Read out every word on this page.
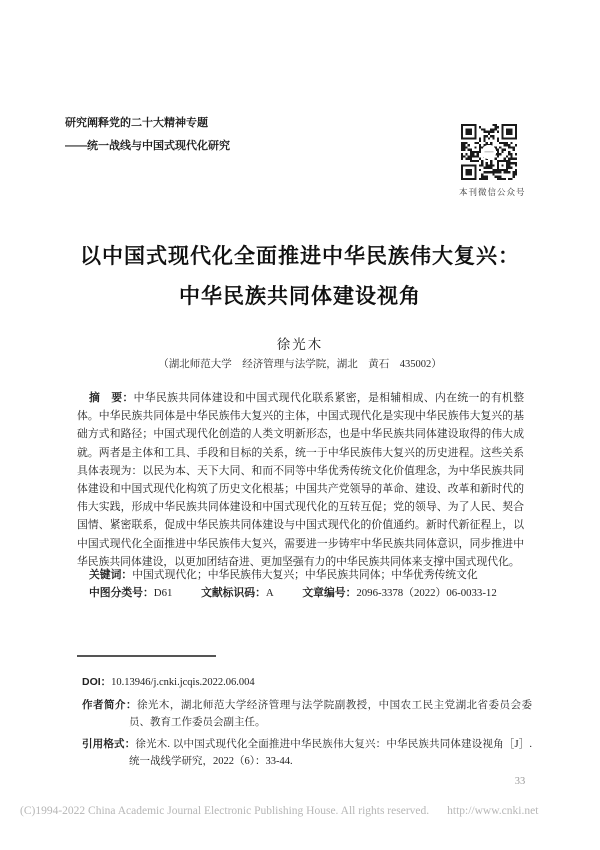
研究阐释党的二十大精神专题
——统一战线与中国式现代化研究
本刊微信公众号
以中国式现代化全面推进中华民族伟大复兴：
中华民族共同体建设视角
徐光木
（湖北师范大学　经济管理与法学院，湖北　黄石　435002）
摘　要：中华民族共同体建设和中国式现代化联系紧密，是相辅相成、内在统一的有机整体。中华民族共同体是中华民族伟大复兴的主体，中国式现代化是实现中华民族伟大复兴的基础方式和路径；中国式现代化创造的人类文明新形态，也是中华民族共同体建设取得的伟大成就。两者是主体和工具、手段和目标的关系，统一于中华民族伟大复兴的历史进程。这些关系具体表现为：以民为本、天下大同、和而不同等中华优秀传统文化价值理念，为中华民族共同体建设和中国式现代化构筑了历史文化根基；中国共产党领导的革命、建设、改革和新时代的伟大实践，形成中华民族共同体建设和中国式现代化的互转互促；党的领导、为了人民、契合国情、紧密联系，促成中华民族共同体建设与中国式现代化的价值通约。新时代新征程上，以中国式现代化全面推进中华民族伟大复兴，需要进一步铸牢中华民族共同体意识，同步推进中华民族共同体建设，以更加团结奋进、更加坚强有力的中华民族共同体来支撑中国式现代化。
关键词：中国式现代化；中华民族伟大复兴；中华民族共同体；中华优秀传统文化
中图分类号：D61	文献标识码：A	文章编号：2096-3378（2022）06-0033-12
DOI：10.13946/j.cnki.jcqis.2022.06.004
作者简介：徐光木，湖北师范大学经济管理与法学院副教授，中国农工民主党湖北省委员会委员、教育工作委员会副主任。
引用格式：徐光木. 以中国式现代化全面推进中华民族伟大复兴：中华民族共同体建设视角［J］. 统一战线学研究，2022（6）：33-44.
33
(C)1994-2022 China Academic Journal Electronic Publishing House. All rights reserved. http://www.cnki.net
